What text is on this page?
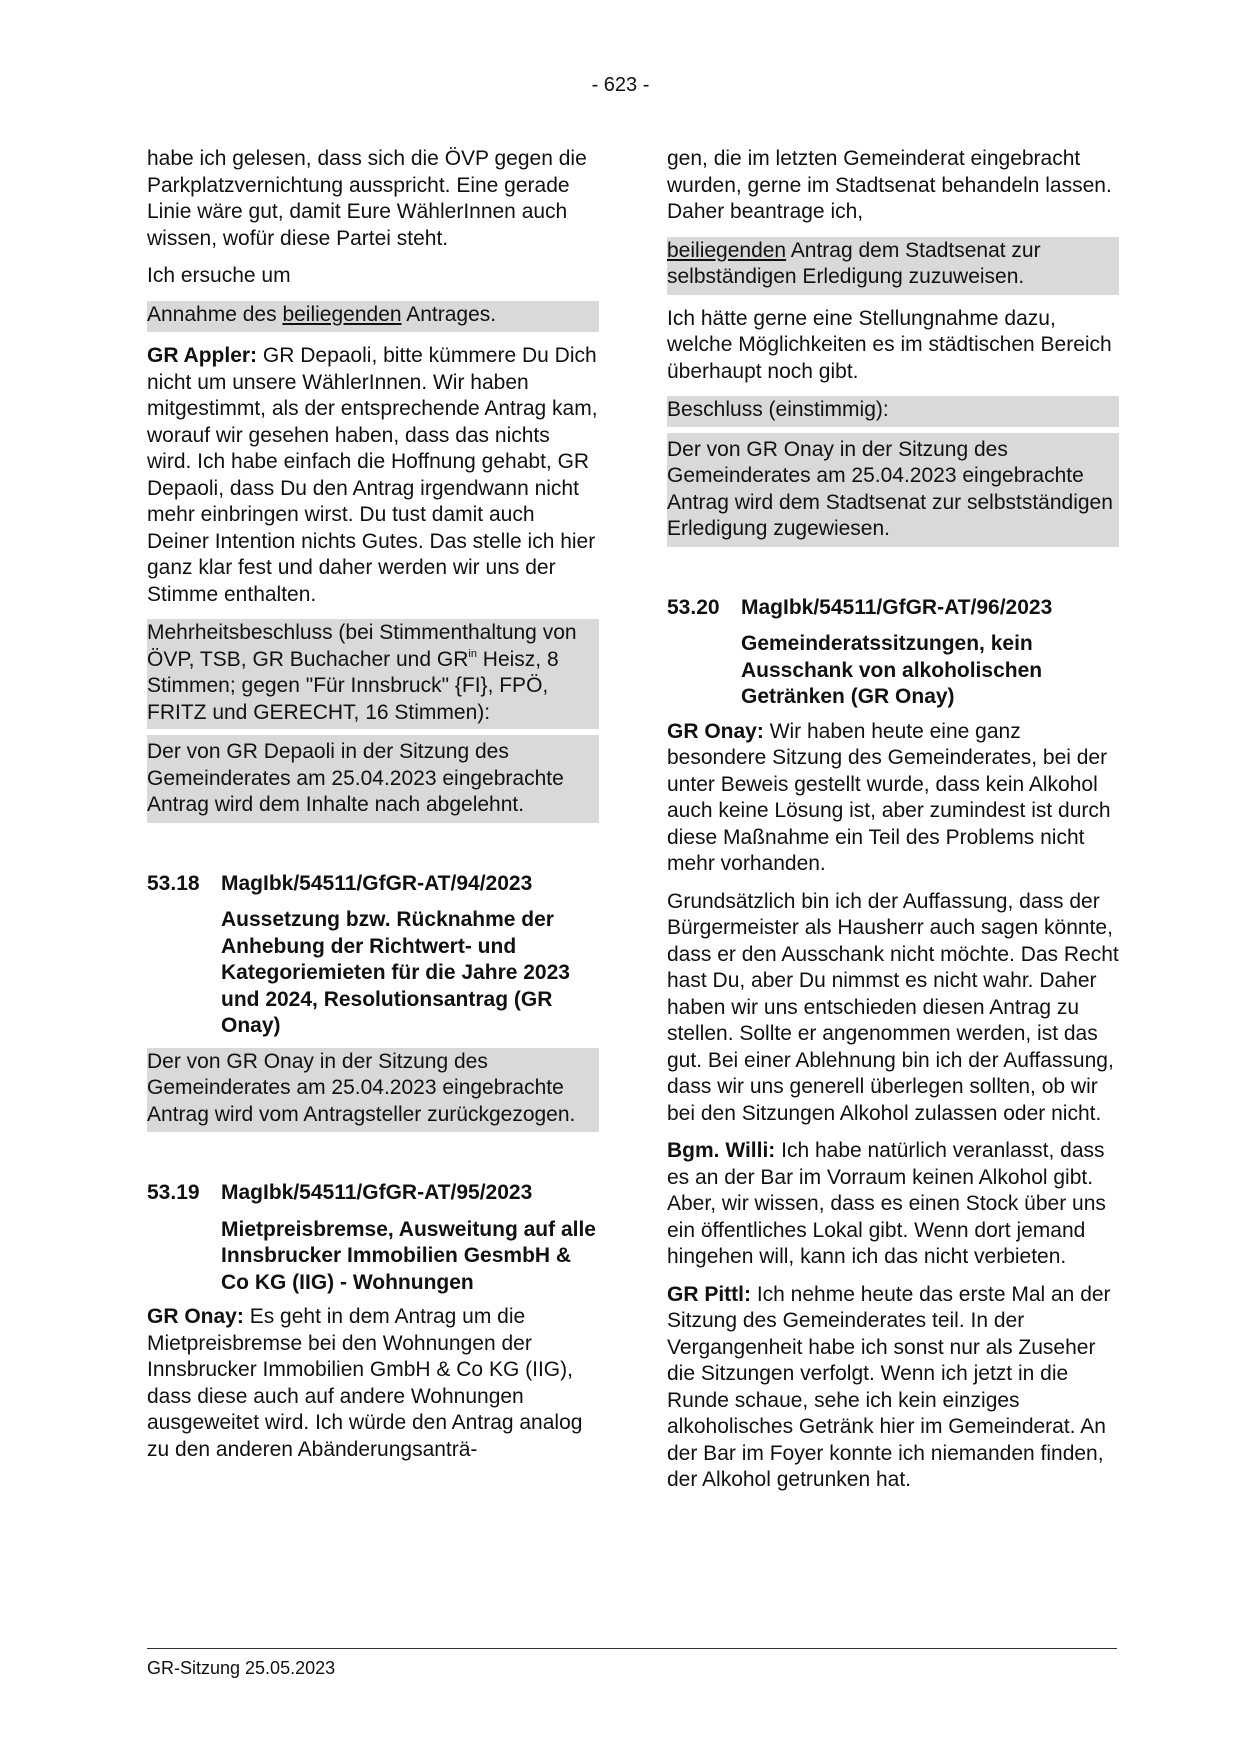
- 623 -

habe ich gelesen, dass sich die ÖVP gegen die Parkplatzvernichtung ausspricht. Eine gerade Linie wäre gut, damit Eure WählerInnen auch wissen, wofür diese Partei steht.

Ich ersuche um

Annahme des beiliegenden Antrages.

GR Appler: GR Depaoli, bitte kümmere Du Dich nicht um unsere WählerInnen. Wir haben mitgestimmt, als der entsprechende Antrag kam, worauf wir gesehen haben, dass das nichts wird. Ich habe einfach die Hoffnung gehabt, GR Depaoli, dass Du den Antrag irgendwann nicht mehr einbringen wirst. Du tust damit auch Deiner Intention nichts Gutes. Das stelle ich hier ganz klar fest und daher werden wir uns der Stimme enthalten.

Mehrheitsbeschluss (bei Stimmenthaltung von ÖVP, TSB, GR Buchacher und $GR^{in}$ Heisz, 8 Stimmen; gegen "Für Innsbruck" {FI}, FPÖ, FRITZ und GERECHT, 16 Stimmen):

Der von GR Depaoli in der Sitzung des Gemeinderates am 25.04.2023 eingebrachte Antrag wird dem Inhalte nach abgelehnt.

53.18	MagIbk/54511/GfGR-AT/94/2023
Aussetzung bzw. Rücknahme der Anhebung der Richtwert- und Kategoriemieten für die Jahre 2023 und 2024, Resolutionsantrag (GR Onay)

Der von GR Onay in der Sitzung des Gemeinderates am 25.04.2023 eingebrachte Antrag wird vom Antragsteller zurückgezogen.

53.19	MagIbk/54511/GfGR-AT/95/2023
Mietpreisbremse, Ausweitung auf alle Innsbrucker Immobilien GesmbH & Co KG (IIG) - Wohnungen

GR Onay: Es geht in dem Antrag um die Mietpreisbremse bei den Wohnungen der Innsbrucker Immobilien GmbH & Co KG (IIG), dass diese auch auf andere Wohnungen ausgeweitet wird. Ich würde den Antrag analog zu den anderen Abänderungsanträ-

gen, die im letzten Gemeinderat eingebracht wurden, gerne im Stadtsenat behandeln lassen. Daher beantrage ich,

beiliegenden Antrag dem Stadtsenat zur selbständigen Erledigung zuzuweisen.

Ich hätte gerne eine Stellungnahme dazu, welche Möglichkeiten es im städtischen Bereich überhaupt noch gibt.

Beschluss (einstimmig):

Der von GR Onay in der Sitzung des Gemeinderates am 25.04.2023 eingebrachte Antrag wird dem Stadtsenat zur selbstständigen Erledigung zugewiesen.

53.20	MagIbk/54511/GfGR-AT/96/2023
Gemeinderatssitzungen, kein Ausschank von alkoholischen Getränken (GR Onay)

GR Onay: Wir haben heute eine ganz besondere Sitzung des Gemeinderates, bei der unter Beweis gestellt wurde, dass kein Alkohol auch keine Lösung ist, aber zumindest ist durch diese Maßnahme ein Teil des Problems nicht mehr vorhanden.

Grundsätzlich bin ich der Auffassung, dass der Bürgermeister als Hausherr auch sagen könnte, dass er den Ausschank nicht möchte. Das Recht hast Du, aber Du nimmst es nicht wahr. Daher haben wir uns entschieden diesen Antrag zu stellen. Sollte er angenommen werden, ist das gut. Bei einer Ablehnung bin ich der Auffassung, dass wir uns generell überlegen sollten, ob wir bei den Sitzungen Alkohol zulassen oder nicht.

Bgm. Willi: Ich habe natürlich veranlasst, dass es an der Bar im Vorraum keinen Alkohol gibt. Aber, wir wissen, dass es einen Stock über uns ein öffentliches Lokal gibt. Wenn dort jemand hingehen will, kann ich das nicht verbieten.

GR Pittl: Ich nehme heute das erste Mal an der Sitzung des Gemeinderates teil. In der Vergangenheit habe ich sonst nur als Zuseher die Sitzungen verfolgt. Wenn ich jetzt in die Runde schaue, sehe ich kein einziges alkoholisches Getränk hier im Gemeinderat. An der Bar im Foyer konnte ich niemanden finden, der Alkohol getrunken hat.

GR-Sitzung 25.05.2023
